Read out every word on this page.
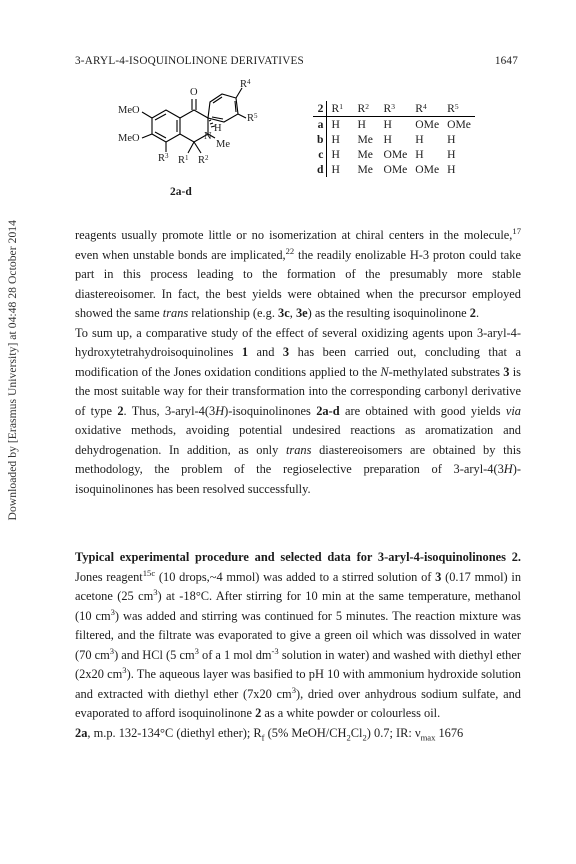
Downloaded by [Erasmus University] at 04:48 28 October 2014
3-ARYL-4-ISOQUINOLINONE DERIVATIVES	1647
MeO
MeO
O
H
N
Me
$R^4$
$R^5$
$R^3$ $R^1$ $R^2$
2a-d
2	$R^1$	$R^2$	$R^3$	$R^4$	$R^5$
a	H	H	H	OMe	OMe
b	H	Me	H	H	H
c	H	Me	OMe	H	H
d	H	Me	OMe	OMe	H

reagents usually promote little or no isomerization at chiral centers in the molecule,$^{17}$ even when unstable bonds are implicated,$^{22}$ the readily enolizable H-3 proton could take part in this process leading to the formation of the presumably more stable diastereoisomer. In fact, the best yields were obtained when the precursor employed showed the same trans relationship (e.g. 3c, 3e) as the resulting isoquinolinone 2.

To sum up, a comparative study of the effect of several oxidizing agents upon 3-aryl-4-hydroxytetrahydroisoquinolines 1 and 3 has been carried out, concluding that a modification of the Jones oxidation conditions applied to the N-methylated substrates 3 is the most suitable way for their transformation into the corresponding carbonyl derivative of type 2. Thus, 3-aryl-4(3H)-isoquinolinones 2a-d are obtained with good yields via oxidative methods, avoiding potential undesired reactions as aromatization and dehydrogenation. In addition, as only trans diastereoisomers are obtained by this methodology, the problem of the regioselective preparation of 3-aryl-4(3H)-isoquinolinones has been resolved successfully.

Typical experimental procedure and selected data for 3-aryl-4-isoquinolinones 2. Jones reagent$^{15c}$ (10 drops,~4 mmol) was added to a stirred solution of 3 (0.17 mmol) in acetone (25 $cm^3$) at -18°C. After stirring for 10 min at the same temperature, methanol (10 $cm^3$) was added and stirring was continued for 5 minutes. The reaction mixture was filtered, and the filtrate was evaporated to give a green oil which was dissolved in water (70 $cm^3$) and HCl (5 $cm^3$ of a 1 mol $dm^{-3}$ solution in water) and washed with diethyl ether (2x20 $cm^3$). The aqueous layer was basified to pH 10 with ammonium hydroxide solution and extracted with diethyl ether (7x20 $cm^3$), dried over anhydrous sodium sulfate, and evaporated to afford isoquinolinone 2 as a white powder or colourless oil.

2a, m.p. 132-134°C (diethyl ether); $R_f$ (5% MeOH/$CH_2Cl_2$) 0.7; IR: $\nu_{max}$ 1676
